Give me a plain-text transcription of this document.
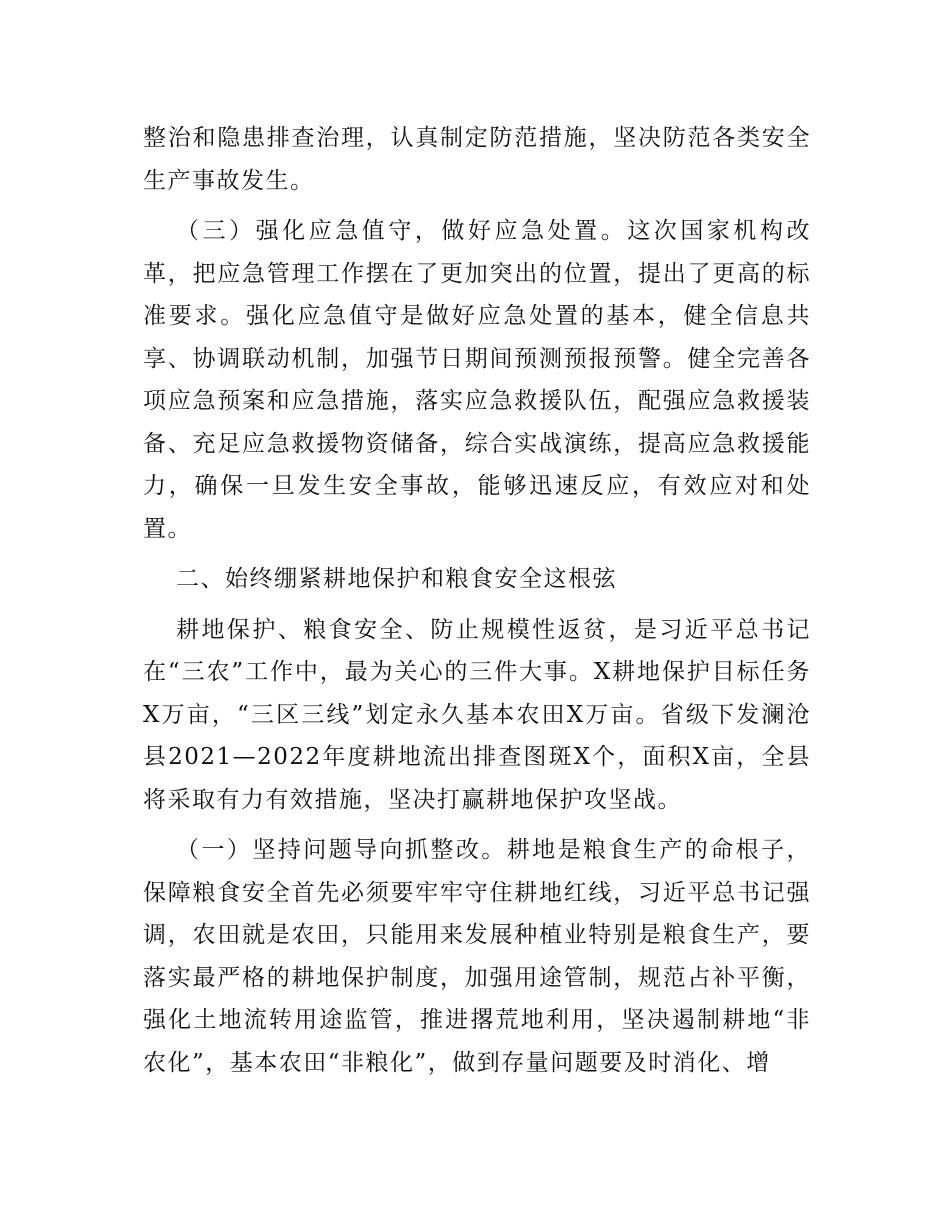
整治和隐患排查治理，认真制定防范措施，坚决防范各类安全生产事故发生。

（三）强化应急值守，做好应急处置。这次国家机构改革，把应急管理工作摆在了更加突出的位置，提出了更高的标准要求。强化应急值守是做好应急处置的基本，健全信息共享、协调联动机制，加强节日期间预测预报预警。健全完善各项应急预案和应急措施，落实应急救援队伍，配强应急救援装备、充足应急救援物资储备，综合实战演练，提高应急救援能力，确保一旦发生安全事故，能够迅速反应，有效应对和处置。

二、始终绷紧耕地保护和粮食安全这根弦

耕地保护、粮食安全、防止规模性返贫，是习近平总书记在“三农”工作中，最为关心的三件大事。X耕地保护目标任务X万亩，“三区三线”划定永久基本农田X万亩。省级下发澜沧县2021—2022年度耕地流出排查图斑X个，面积X亩，全县将采取有力有效措施，坚决打赢耕地保护攻坚战。

（一）坚持问题导向抓整改。耕地是粮食生产的命根子，保障粮食安全首先必须要牢牢守住耕地红线，习近平总书记强调，农田就是农田，只能用来发展种植业特别是粮食生产，要落实最严格的耕地保护制度，加强用途管制，规范占补平衡，强化土地流转用途监管，推进撂荒地利用，坚决遏制耕地“非农化”，基本农田“非粮化”，做到存量问题要及时消化、增
